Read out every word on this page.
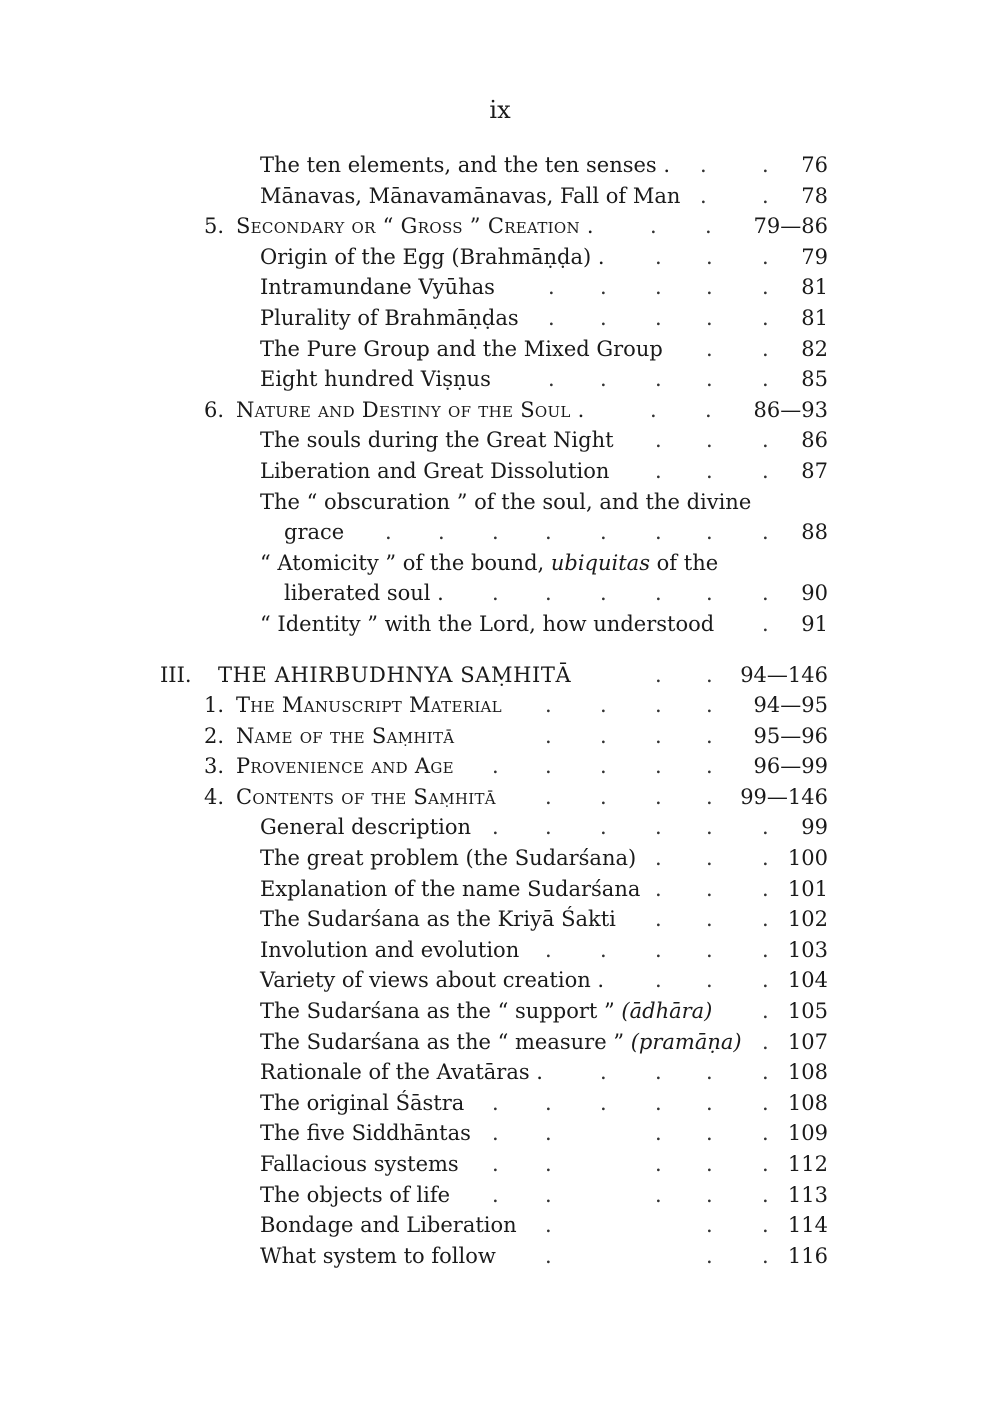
ix
The ten elements, and the ten senses . .	.	76
Mānavas, Mānavamānavas, Fall of Man .	.	78
5. Secondary or “ Gross ” Creation .	. .	79—86
Origin of the Egg (Brahmāṇḍa) . . . .	79
Intramundane Vyūhas	. . . . .	81
Plurality of Brahmāṇḍas . . . . .	81
The Pure Group and the Mixed Group . .	82
Eight hundred Viṣṇus	. . . . .	85
6. Nature and Destiny of the Soul .	. .	86—93
The souls during the Great Night . . .	86
Liberation and Great Dissolution . . .	87
The “ obscuration ” of the soul, and the divine
grace . . . . . . . .	88
“ Atomicity ” of the bound, ubiquitas of the
liberated soul . . . . . . .	90
“ Identity ” with the Lord, how understood .	91
III.	THE AHIRBUDHNYA SAṂHITĀ	. .	94—146
1. The Manuscript Material . . . .	94—95
2. Name of the Saṃhitā	. . . .	95—96
3. Provenience and Age . . . . .	96—99
4. Contents of the Saṃhitā . . . .	99—146
General description . . . . . .	99
The great problem (the Sudarśana) . . . 100
Explanation of the name Sudarśana . . . 101
The Sudarśana as the Kriyā Śakti . . . 102
Involution and evolution . . . . . 103
Variety of views about creation . . . . 104
The Sudarśana as the “ support ” (ādhāra) . 105
The Sudarśana as the “ measure ” (pramāṇa) . 107
Rationale of the Avatāras .	. . . . 108
The original Śāstra . . . . . . 108
The five Siddhāntas . .	. . . 109
Fallacious systems . .	. . . 112
The objects of life . .	. . . 113
Bondage and Liberation .	. . 114
What system to follow .	. . 116
